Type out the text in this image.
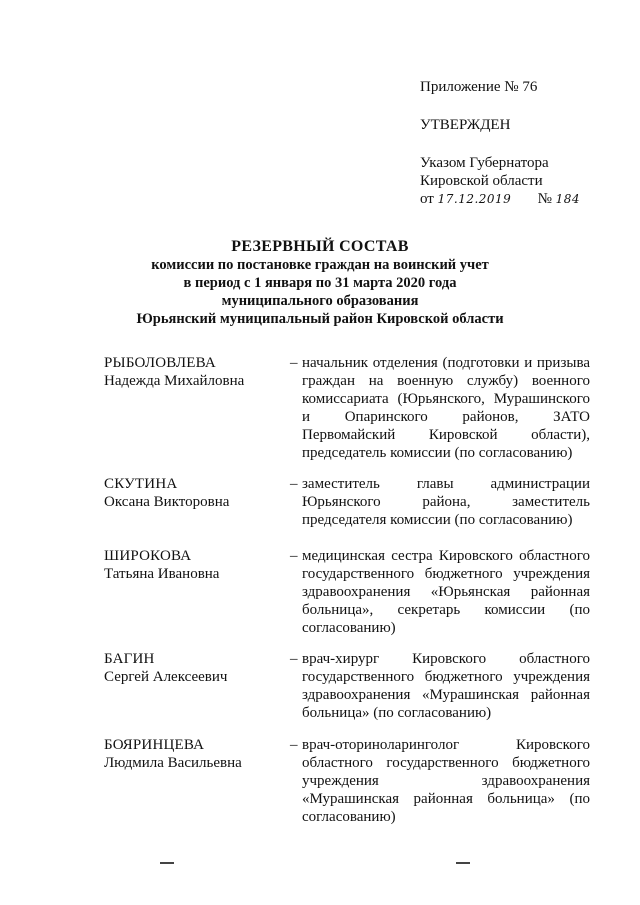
Приложение № 76
УТВЕРЖДЕН
Указом Губернатора
Кировской области
от 17.12.2019 № 184
РЕЗЕРВНЫЙ СОСТАВ
комиссии по постановке граждан на воинский учет
в период с 1 января по 31 марта 2020 года
муниципального образования
Юрьянский муниципальный район Кировской области
РЫБОЛОВЛЕВА
Надежда Михайловна
– начальник отделения (подготовки и призыва граждан на военную службу) военного комиссариата (Юрьянского, Мурашинского и Опаринского районов, ЗАТО Первомайский Кировской области), председатель комиссии (по согласованию)
СКУТИНА
Оксана Викторовна
– заместитель главы администрации Юрьянского района, заместитель председателя комиссии (по согласованию)
ШИРОКОВА
Татьяна Ивановна
– медицинская сестра Кировского областного государственного бюджетного учреждения здравоохранения «Юрьянская районная больница», секретарь комиссии (по согласованию)
БАГИН
Сергей Алексеевич
– врач-хирург Кировского областного государственного бюджетного учреждения здравоохранения «Мурашинская районная больница» (по согласованию)
БОЯРИНЦЕВА
Людмила Васильевна
– врач-оториноларинголог Кировского областного государственного бюджетного учреждения здравоохранения «Мурашинская районная больница» (по согласованию)
